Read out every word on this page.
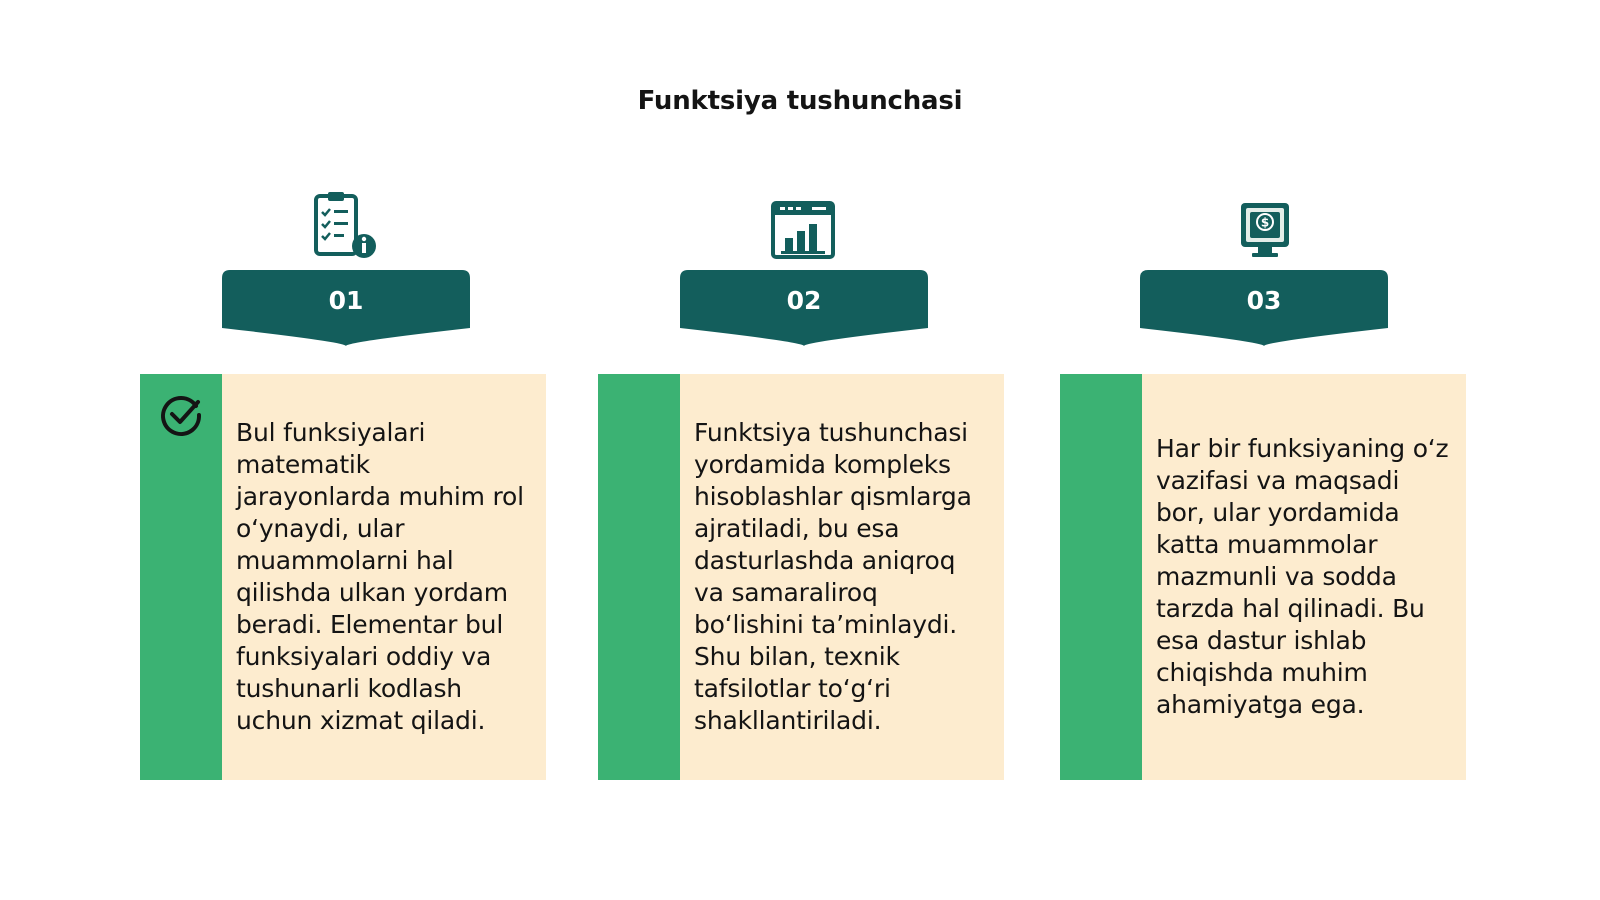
Funktsiya tushunchasi
01
Bul funksiyalari matematik jarayonlarda muhim rol o‘ynaydi, ular muammolarni hal qilishda ulkan yordam beradi. Elementar bul funksiyalari oddiy va tushunarli kodlash uchun xizmat qiladi.
02
Funktsiya tushunchasi yordamida kompleks hisoblashlar qismlarga ajratiladi, bu esa dasturlashda aniqroq va samaraliroq bo‘lishini ta’minlaydi. Shu bilan, texnik tafsilotlar to‘g‘ri shakllantiriladi.
$
03
Har bir funksiyaning o‘z vazifasi va maqsadi bor, ular yordamida katta muammolar mazmunli va sodda tarzda hal qilinadi. Bu esa dastur ishlab chiqishda muhim ahamiyatga ega.
